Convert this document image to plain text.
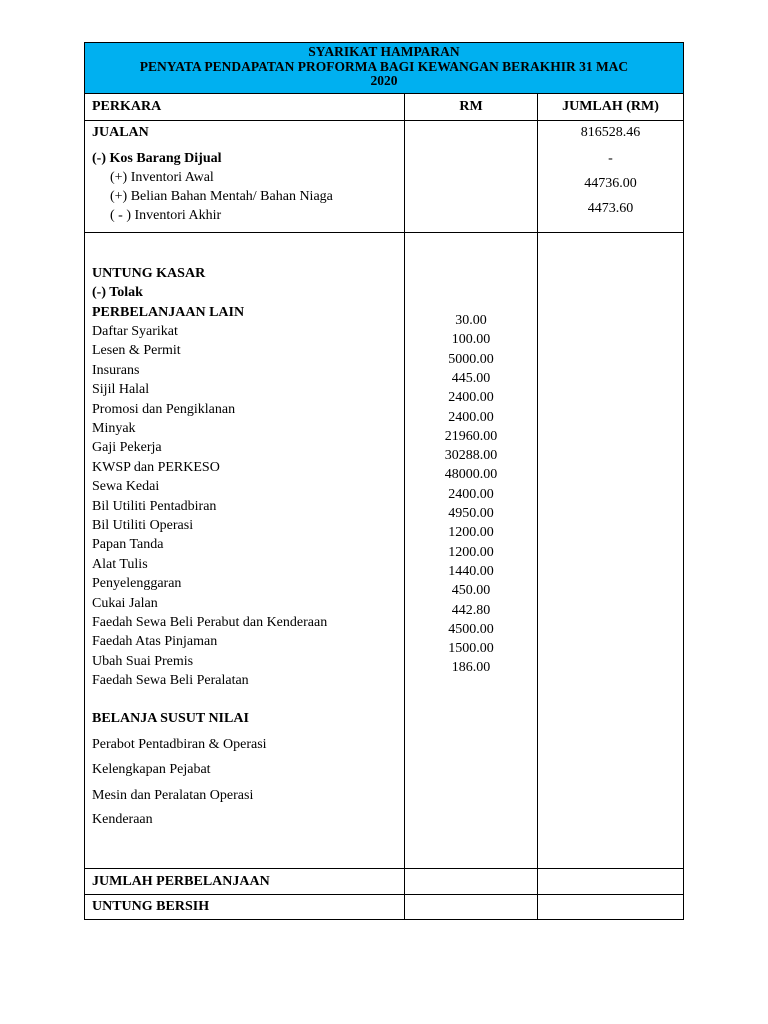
SYARIKAT HAMPARAN
PENYATA PENDAPATAN PROFORMA BAGI KEWANGAN BERAKHIR 31 MAC
2020
PERKARA	RM	JUMLAH (RM)
JUALAN
(-) Kos Barang Dijual
(+) Inventori Awal
(+) Belian Bahan Mentah/ Bahan Niaga
( - ) Inventori Akhir
816528.46
-
44736.00
4473.60
UNTUNG KASAR
(-) Tolak
PERBELANJAAN LAIN
Daftar Syarikat
30.00
Lesen & Permit
100.00
Insurans
5000.00
Sijil Halal
445.00
Promosi dan Pengiklanan
2400.00
Minyak
2400.00
Gaji Pekerja
21960.00
KWSP dan PERKESO
30288.00
Sewa Kedai
48000.00
Bil Utiliti Pentadbiran
2400.00
Bil Utiliti Operasi
4950.00
Papan Tanda
1200.00
Alat Tulis
1200.00
Penyelenggaran
1440.00
Cukai Jalan
450.00
Faedah Sewa Beli Perabut dan Kenderaan
442.80
Faedah Atas Pinjaman
4500.00
Ubah Suai Premis
1500.00
Faedah Sewa Beli Peralatan
186.00
BELANJA SUSUT NILAI
Perabot Pentadbiran & Operasi
Kelengkapan Pejabat
Mesin dan Peralatan Operasi
Kenderaan
JUMLAH PERBELANJAAN
UNTUNG BERSIH
